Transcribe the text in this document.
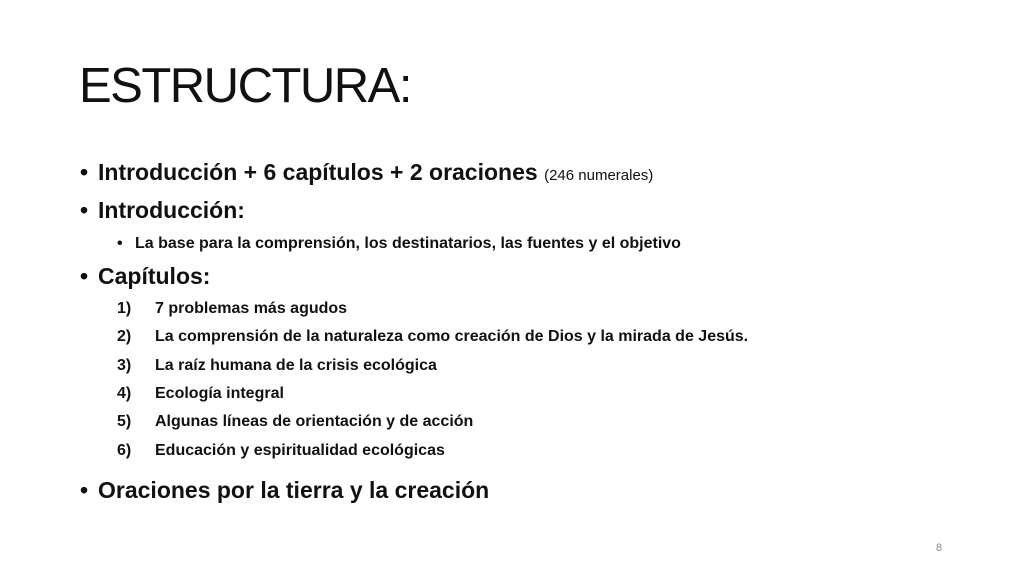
ESTRUCTURA:
• Introducción + 6 capítulos + 2 oraciones (246 numerales)
• Introducción:
• La base para la comprensión, los destinatarios, las fuentes y el objetivo
• Capítulos:
1) 7 problemas más agudos
2) La comprensión de la naturaleza como creación de Dios y la mirada de Jesús.
3) La raíz humana de la crisis ecológica
4) Ecología integral
5) Algunas líneas de orientación y de acción
6) Educación y espiritualidad ecológicas
• Oraciones por la tierra y la creación
8
